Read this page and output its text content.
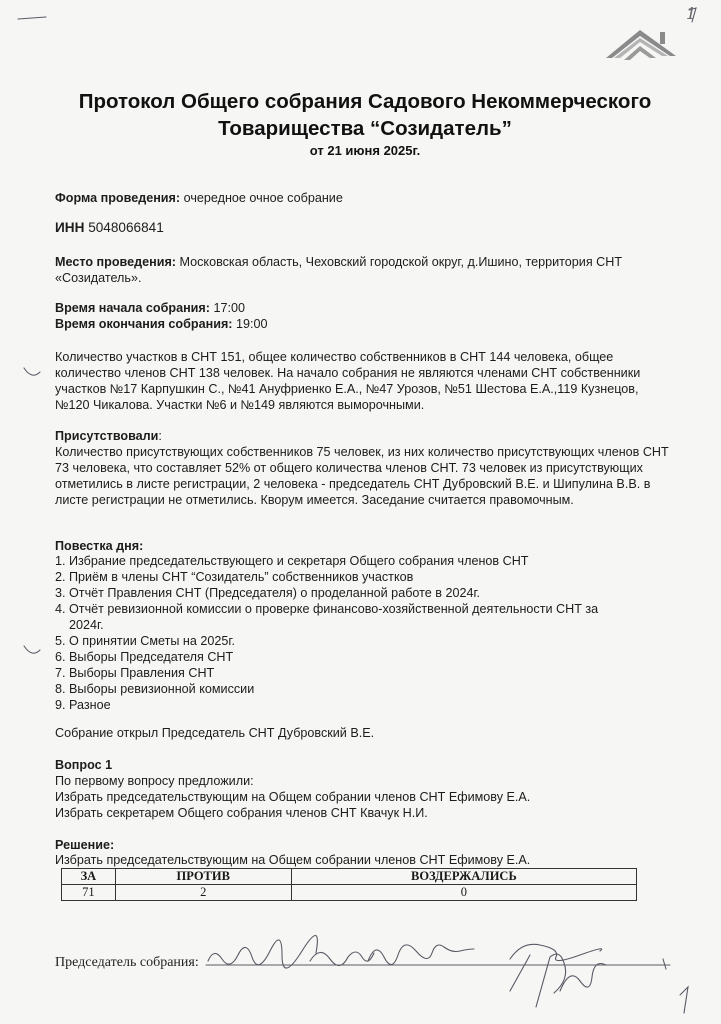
1
Протокол Общего собрания Садового Некоммерческого
Товарищества “Созидатель”
от 21 июня 2025г.
Форма проведения: очередное очное собрание
ИНН 5048066841
Место проведения: Московская область, Чеховский городской округ, д.Ишино, территория СНТ «Созидатель».
Время начала собрания: 17:00
Время окончания собрания: 19:00
Количество участков в СНТ 151, общее количество собственников в СНТ 144 человека, общее количество членов СНТ 138 человек. На начало собрания не являются членами СНТ собственники участков №17 Карпушкин С., №41 Ануфриенко Е.А., №47 Урозов, №51 Шестова Е.А.,119 Кузнецов, №120 Чикалова. Участки №6 и №149 являются выморочными.
Присутствовали:
Количество присутствующих собственников 75 человек, из них количество присутствующих членов СНТ 73 человека, что составляет 52% от общего количества членов СНТ. 73 человек из присутствующих отметились в листе регистрации, 2 человека - председатель СНТ Дубровский В.Е. и Шипулина В.В. в листе регистрации не отметились. Кворум имеется. Заседание считается правомочным.
Повестка дня:
1. Избрание председательствующего и секретаря Общего собрания членов СНТ
2. Приём в члены СНТ “Созидатель” собственников участков
3. Отчёт Правления СНТ (Председателя) о проделанной работе в 2024г.
4. Отчёт ревизионной комиссии о проверке финансово-хозяйственной деятельности СНТ за
2024г.
5. О принятии Сметы на 2025г.
6. Выборы Председателя СНТ
7. Выборы Правления СНТ
8. Выборы ревизионной комиссии
9. Разное
Собрание открыл Председатель СНТ Дубровский В.Е.
Вопрос 1
По первому вопросу предложили:
Избрать председательствующим на Общем собрании членов СНТ Ефимову Е.А.
Избрать секретарем Общего собрания членов СНТ Квачук Н.И.
Решение:
Избрать председательствующим на Общем собрании членов СНТ Ефимову Е.А.
ЗА	ПРОТИВ	ВОЗДЕРЖАЛИСЬ
71	2	0
Председатель собрания:
